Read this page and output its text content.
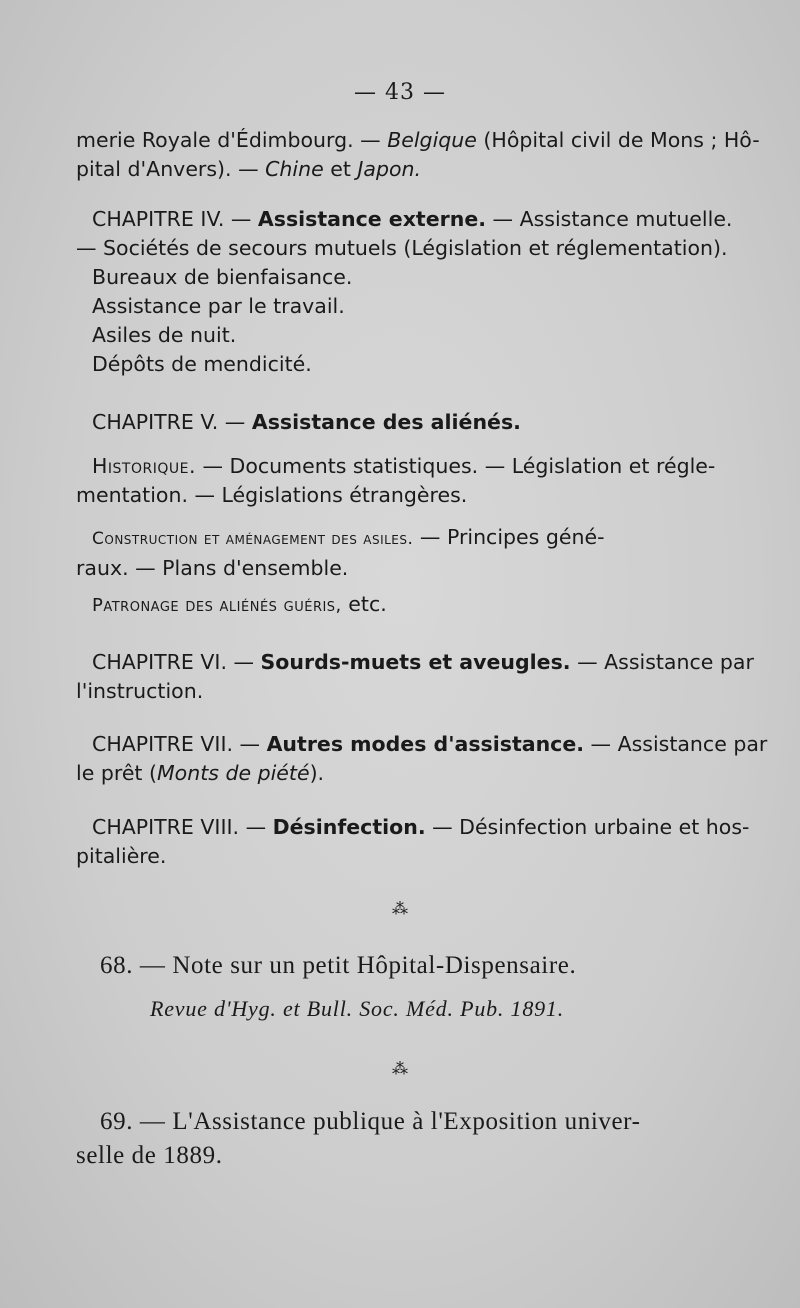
— 43 —
merie Royale d'Édimbourg. — Belgique (Hôpital civil de Mons ; Hô-
pital d'Anvers). — Chine et Japon.
CHAPITRE IV. — Assistance externe. — Assistance mutuelle.
— Sociétés de secours mutuels (Législation et réglementation).
Bureaux de bienfaisance.
Assistance par le travail.
Asiles de nuit.
Dépôts de mendicité.
CHAPITRE V. — Assistance des aliénés.
Historique. — Documents statistiques. — Législation et régle-
mentation. — Législations étrangères.
Construction et aménagement des asiles. — Principes géné-
raux. — Plans d'ensemble.
Patronage des aliénés guéris, etc.
CHAPITRE VI. — Sourds-muets et aveugles. — Assistance par
l'instruction.
CHAPITRE VII. — Autres modes d'assistance. — Assistance par
le prêt (Monts de piété).
CHAPITRE VIII. — Désinfection. — Désinfection urbaine et hos-
pitalière.
⁂
68. — Note sur un petit Hôpital-Dispensaire.
Revue d'Hyg. et Bull. Soc. Méd. Pub. 1891.
⁂
69. — L'Assistance publique à l'Exposition univer-
selle de 1889.
